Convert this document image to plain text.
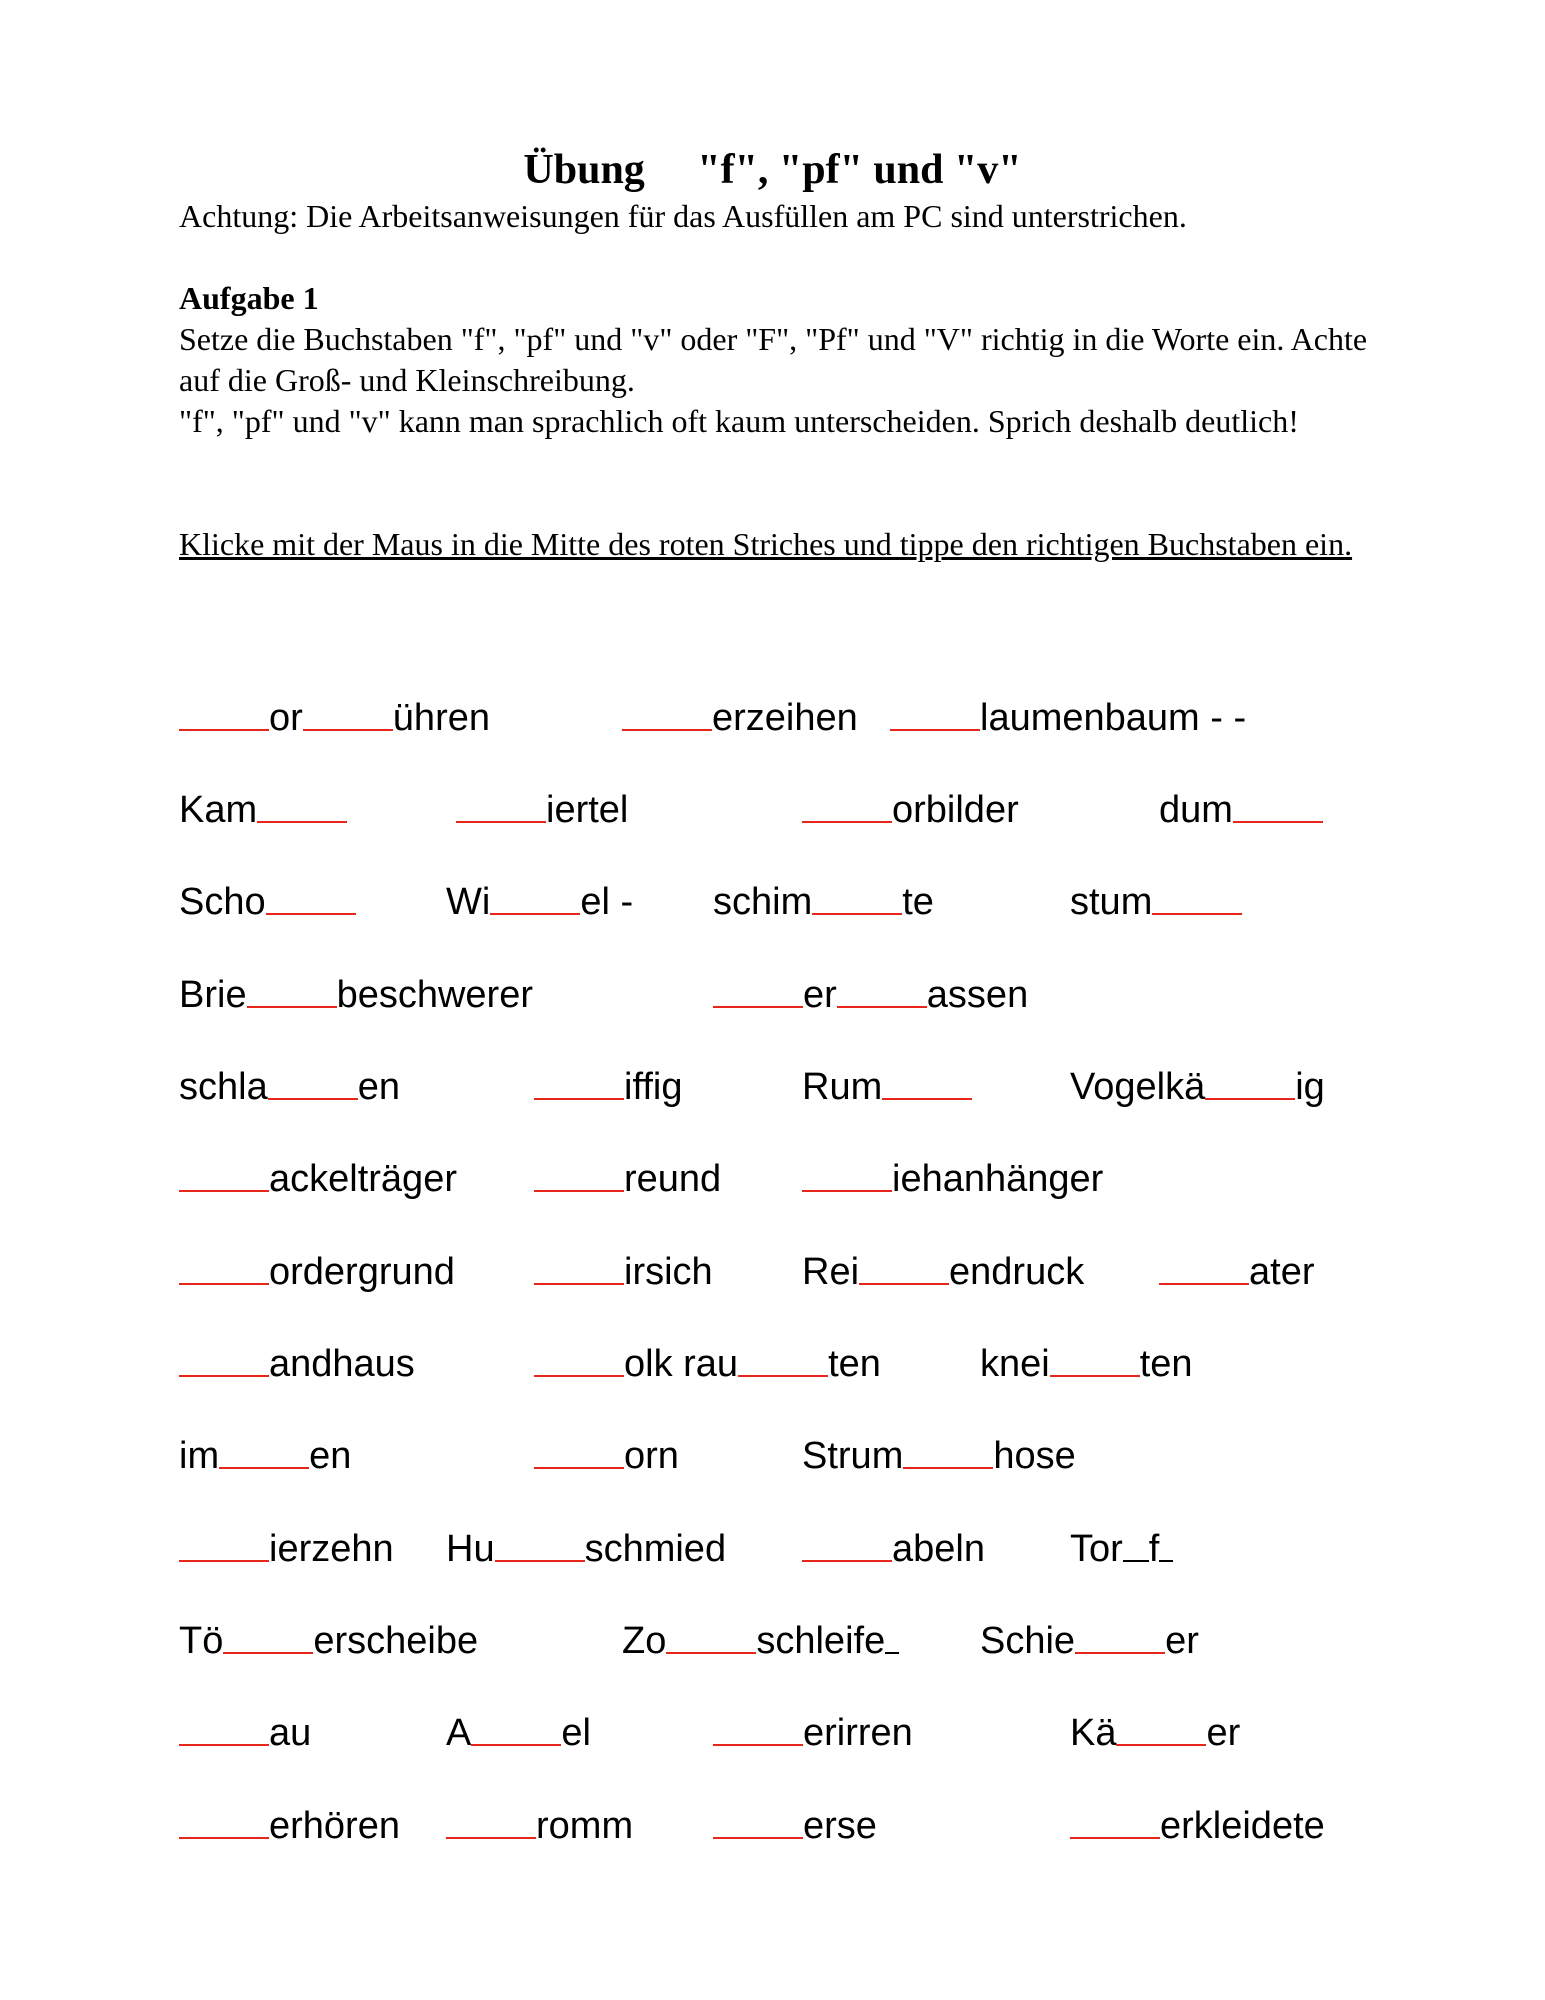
Übung     "f", "pf" und "v"
Achtung: Die Arbeitsanweisungen für das Ausfüllen am PC sind unterstrichen.
Aufgabe 1
Setze die Buchstaben "f", "pf" und "v" oder "F", "Pf" und "V" richtig in die Worte ein. Achte auf die Groß- und Kleinschreibung.
"f", "pf" und "v" kann man sprachlich oft kaum unterscheiden. Sprich deshalb deutlich!
Klicke mit der Maus in die Mitte des roten Striches und tippe den richtigen Buchstaben ein.
or ühren	erzeihen	laumenbaum - -
Kam	iertel	orbilder	dum
Scho	Wi el - schim te	stum
Brie beschwerer	er assen
schla en	iffig	Rum	Vogelkä ig
ackelträger	reund	iehanhänger
ordergrund	irsich Rei endruck	ater
andhaus	olk rau ten	knei ten
im en	orn	Strum hose
ierzehn Hu schmied	abeln Tor f
Tö erscheibe	Zo schleife	Schie er
au	A el	erirren	Kä er
erhören	romm	erse	erkleidete
